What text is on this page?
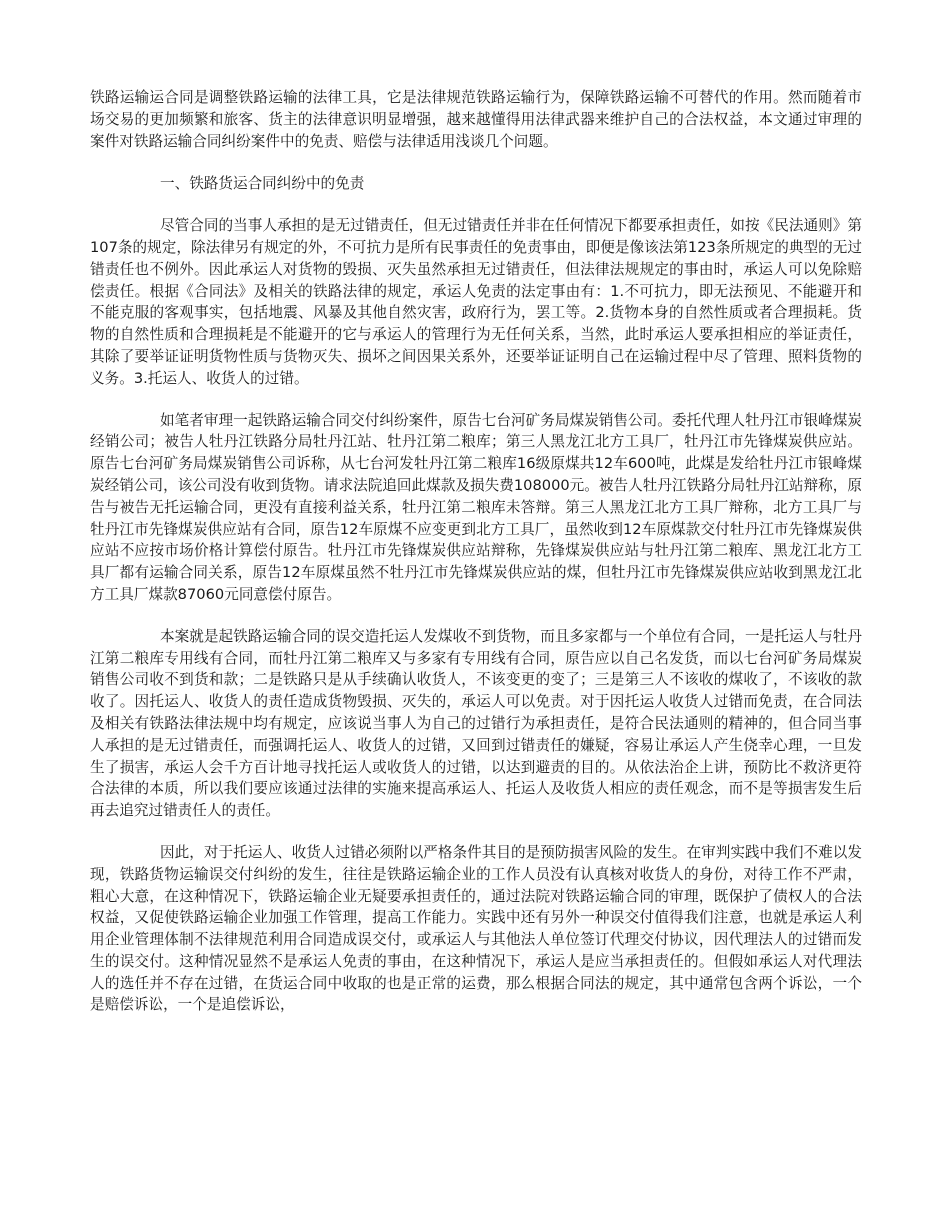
铁路运输运合同是调整铁路运输的法律工具，它是法律规范铁路运输行为，保障铁路运输不可替代的作用。然而随着市场交易的更加频繁和旅客、货主的法律意识明显增强，越来越懂得用法律武器来维护自己的合法权益，本文通过审理的案件对铁路运输合同纠纷案件中的免责、赔偿与法律适用浅谈几个问题。

一、铁路货运合同纠纷中的免责

尽管合同的当事人承担的是无过错责任，但无过错责任并非在任何情况下都要承担责任，如按《民法通则》第107条的规定，除法律另有规定的外，不可抗力是所有民事责任的免责事由，即便是像该法第123条所规定的典型的无过错责任也不例外。因此承运人对货物的毁损、灭失虽然承担无过错责任，但法律法规规定的事由时，承运人可以免除赔偿责任。根据《合同法》及相关的铁路法律的规定，承运人免责的法定事由有：1.不可抗力，即无法预见、不能避开和不能克服的客观事实，包括地震、风暴及其他自然灾害，政府行为，罢工等。2.货物本身的自然性质或者合理损耗。货物的自然性质和合理损耗是不能避开的它与承运人的管理行为无任何关系，当然，此时承运人要承担相应的举证责任，其除了要举证证明货物性质与货物灭失、损坏之间因果关系外，还要举证证明自己在运输过程中尽了管理、照料货物的义务。3.托运人、收货人的过错。

如笔者审理一起铁路运输合同交付纠纷案件，原告七台河矿务局煤炭销售公司。委托代理人牡丹江市银峰煤炭经销公司；被告人牡丹江铁路分局牡丹江站、牡丹江第二粮库；第三人黑龙江北方工具厂，牡丹江市先锋煤炭供应站。原告七台河矿务局煤炭销售公司诉称，从七台河发牡丹江第二粮库16级原煤共12车600吨，此煤是发给牡丹江市银峰煤炭经销公司，该公司没有收到货物。请求法院追回此煤款及损失费108000元。被告人牡丹江铁路分局牡丹江站辩称，原告与被告无托运输合同，更没有直接利益关系，牡丹江第二粮库未答辩。第三人黑龙江北方工具厂辩称，北方工具厂与牡丹江市先锋煤炭供应站有合同，原告12车原煤不应变更到北方工具厂，虽然收到12车原煤款交付牡丹江市先锋煤炭供应站不应按市场价格计算偿付原告。牡丹江市先锋煤炭供应站辩称，先锋煤炭供应站与牡丹江第二粮库、黑龙江北方工具厂都有运输合同关系，原告12车原煤虽然不牡丹江市先锋煤炭供应站的煤，但牡丹江市先锋煤炭供应站收到黑龙江北方工具厂煤款87060元同意偿付原告。

本案就是起铁路运输合同的误交造托运人发煤收不到货物，而且多家都与一个单位有合同，一是托运人与牡丹江第二粮库专用线有合同，而牡丹江第二粮库又与多家有专用线有合同，原告应以自己名发货，而以七台河矿务局煤炭销售公司收不到货和款；二是铁路只是从手续确认收货人，不该变更的变了；三是第三人不该收的煤收了，不该收的款收了。因托运人、收货人的责任造成货物毁损、灭失的，承运人可以免责。对于因托运人收货人过错而免责，在合同法及相关有铁路法律法规中均有规定，应该说当事人为自己的过错行为承担责任，是符合民法通则的精神的，但合同当事人承担的是无过错责任，而强调托运人、收货人的过错，又回到过错责任的嫌疑，容易让承运人产生侥幸心理，一旦发生了损害，承运人会千方百计地寻找托运人或收货人的过错，以达到避责的目的。从依法治企上讲，预防比不救济更符合法律的本质，所以我们要应该通过法律的实施来提高承运人、托运人及收货人相应的责任观念，而不是等损害发生后再去追究过错责任人的责任。

因此，对于托运人、收货人过错必须附以严格条件其目的是预防损害风险的发生。在审判实践中我们不难以发现，铁路货物运输误交付纠纷的发生，往往是铁路运输企业的工作人员没有认真核对收货人的身份，对待工作不严肃，粗心大意，在这种情况下，铁路运输企业无疑要承担责任的，通过法院对铁路运输合同的审理，既保护了债权人的合法权益，又促使铁路运输企业加强工作管理，提高工作能力。实践中还有另外一种误交付值得我们注意，也就是承运人利用企业管理体制不法律规范利用合同造成误交付，或承运人与其他法人单位签订代理交付协议，因代理法人的过错而发生的误交付。这种情况显然不是承运人免责的事由，在这种情况下，承运人是应当承担责任的。但假如承运人对代理法人的选任并不存在过错，在货运合同中收取的也是正常的运费，那么根据合同法的规定，其中通常包含两个诉讼，一个是赔偿诉讼，一个是追偿诉讼，
